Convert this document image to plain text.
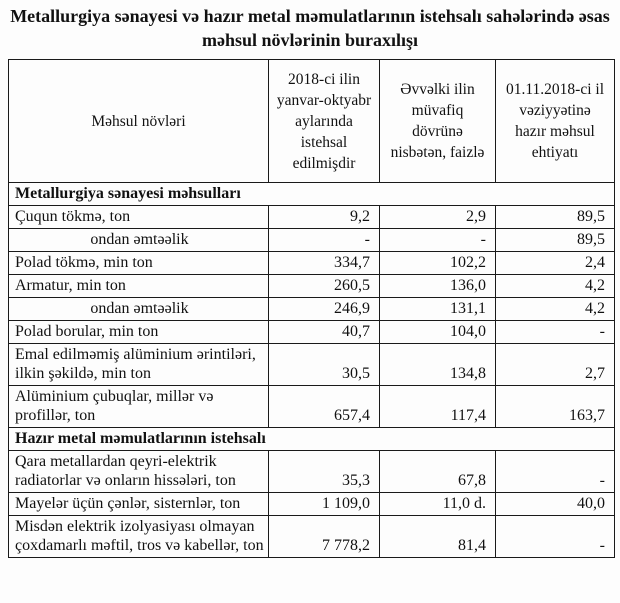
Metallurgiya sənayesi və hazır metal məmulatlarının istehsalı sahələrində əsas məhsul növlərinin buraxılışı
Məhsul növləri	2018-ci ilin yanvar-oktyabr aylarında istehsal edilmişdir	Əvvəlki ilin müvafiq dövrünə nisbətən, faizlə	01.11.2018-ci il vəziyyətinə hazır məhsul ehtiyatı
Metallurgiya sənayesi məhsulları			
Çuqun tökmə, ton	9,2	2,9	89,5
ondan əmtəəlik	-	-	89,5
Polad tökmə, min ton	334,7	102,2	2,4
Armatur, min ton	260,5	136,0	4,2
ondan əmtəəlik	246,9	131,1	4,2
Polad borular, min ton	40,7	104,0	-
Emal edilməmiş alüminium ərintiləri, ilkin şəkildə, min ton	30,5	134,8	2,7
Alüminium çubuqlar, millər və profillər, ton	657,4	117,4	163,7
Hazır metal məmulatlarının istehsalı			
Qara metallardan qeyri-elektrik radiatorlar və onların hissələri, ton	35,3	67,8	-
Mayelər üçün çənlər, sisternlər, ton	1 109,0	11,0 d.	40,0
Misdən elektrik izolyasiyası olmayan çoxdamarlı məftil, tros və kabellər, ton	7 778,2	81,4	-
